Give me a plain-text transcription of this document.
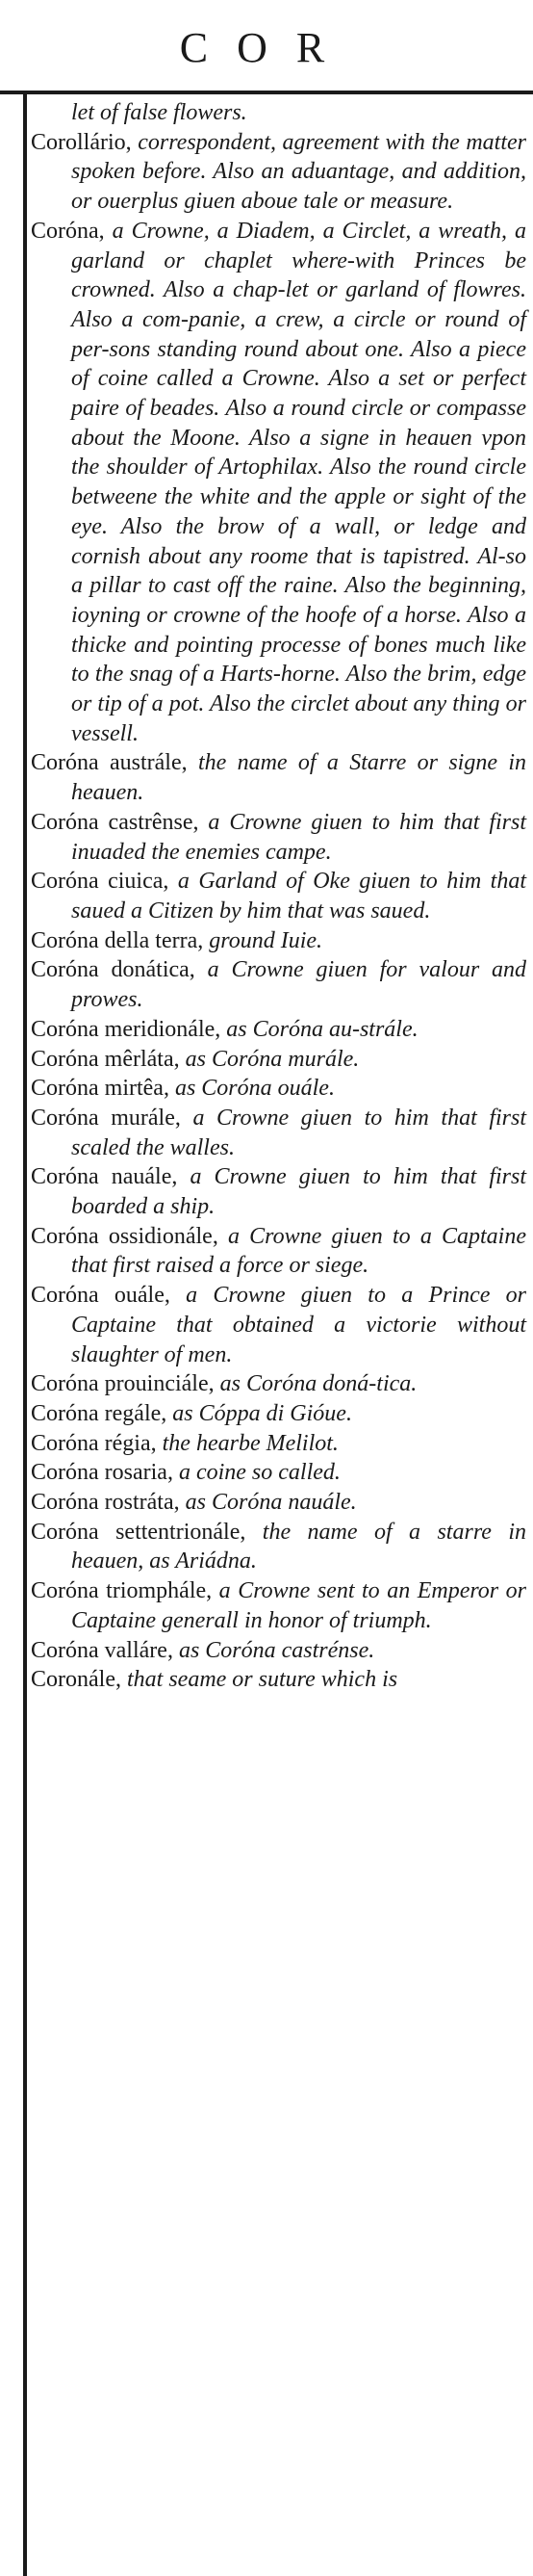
COR

let of false flowers.

Corollário, correspondent, agreement with the matter spoken before. Also an aduantage, and addition, or ouerplus giuen aboue tale or measure.

Coróna, a Crowne, a Diadem, a Circlet, a wreath, a garland or chaplet where-with Princes be crowned. Also a chap-let or garland of flowres. Also a com-panie, a crew, a circle or round of per-sons standing round about one. Also a piece of coine called a Crowne. Also a set or perfect paire of beades. Also a round circle or compasse about the Moone. Also a signe in heauen vpon the shoulder of Artophilax. Also the round circle betweene the white and the apple or sight of the eye. Also the brow of a wall, or ledge and cornish about any roome that is tapistred. Al-so a pillar to cast off the raine. Also the beginning, ioyning or crowne of the hoofe of a horse. Also a thicke and pointing processe of bones much like to the snag of a Harts-horne. Also the brim, edge or tip of a pot. Also the circlet about any thing or vessell.

Coróna austrále, the name of a Starre or signe in heauen.

Coróna castrênse, a Crowne giuen to him that first inuaded the enemies campe.

Coróna ciuica, a Garland of Oke giuen to him that saued a Citizen by him that was saued.

Coróna della terra, ground Iuie.

Coróna donática, a Crowne giuen for valour and prowes.

Coróna meridionále, as Coróna au-strále.

Coróna mêrláta, as Coróna murále.

Coróna mirtêa, as Coróna ouále.

Coróna murále, a Crowne giuen to him that first scaled the walles.

Coróna nauále, a Crowne giuen to him that first boarded a ship.

Coróna ossidionále, a Crowne giuen to a Captaine that first raised a force or siege.

Coróna ouále, a Crowne giuen to a Prince or Captaine that obtained a victorie without slaughter of men.

Coróna prouinciále, as Coróna doná-tica.

Coróna regále, as Cóppa di Gióue.

Coróna régia, the hearbe Melilot.

Coróna rosaria, a coine so called.

Coróna rostráta, as Coróna nauále.

Coróna settentrionále, the name of a starre in heauen, as Ariádna.

Coróna triomphále, a Crowne sent to an Emperor or Captaine generall in honor of triumph.

Coróna valláre, as Coróna castrénse.

Coronále, that seame or suture which is
